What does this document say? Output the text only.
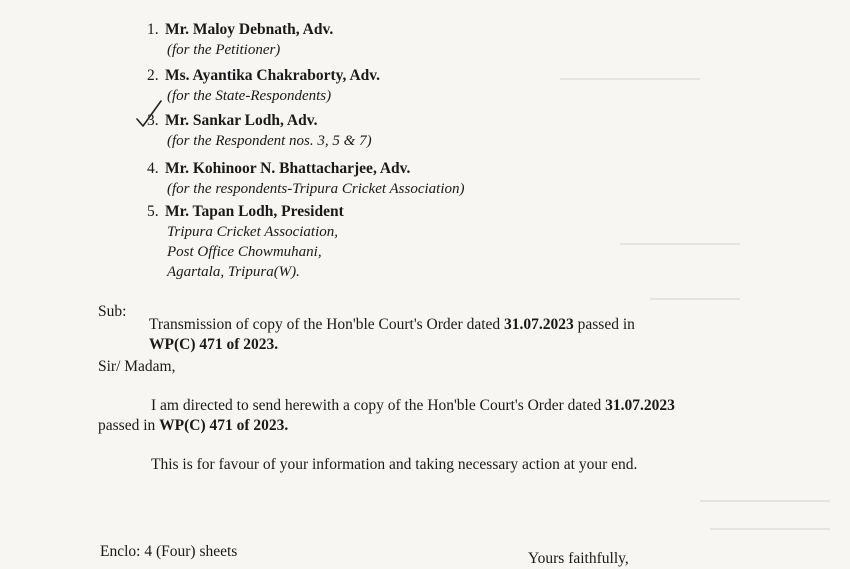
1. Mr. Maloy Debnath, Adv.
(for the Petitioner)
2. Ms. Ayantika Chakraborty, Adv.
(for the State-Respondents)
3. Mr. Sankar Lodh, Adv.
(for the Respondent nos. 3, 5 & 7)
4. Mr. Kohinoor N. Bhattacharjee, Adv.
(for the respondents-Tripura Cricket Association)
5. Mr. Tapan Lodh, President
Tripura Cricket Association,
Post Office Chowmuhani,
Agartala, Tripura(W).
Sub:
Transmission of copy of the Hon'ble Court's Order dated 31.07.2023 passed in
WP(C) 471 of 2023.
Sir/ Madam,
I am directed to send herewith a copy of the Hon'ble Court's Order dated 31.07.2023
passed in WP(C) 471 of 2023.
This is for favour of your information and taking necessary action at your end.
Enclo: 4 (Four) sheets	Yours faithfully,
